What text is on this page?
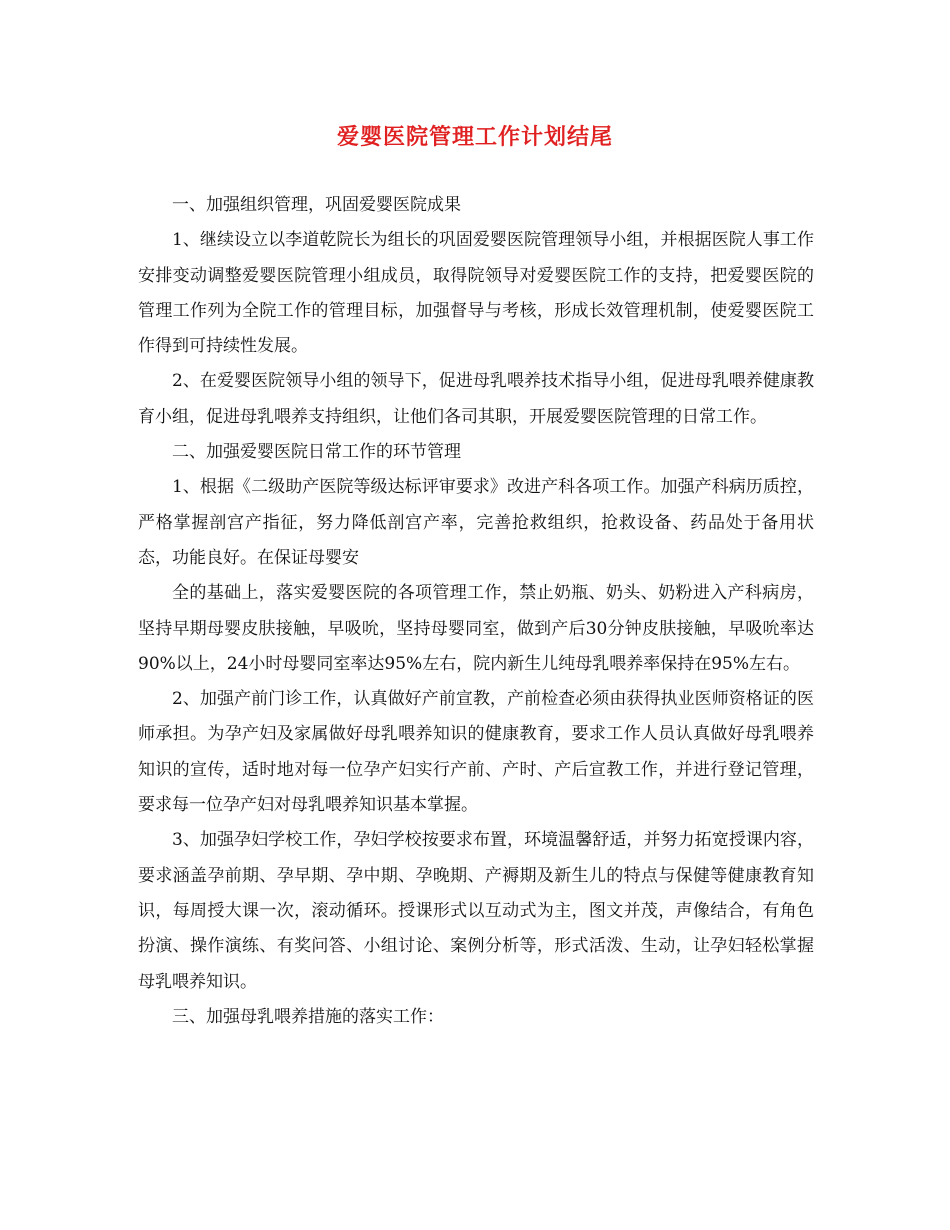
爱婴医院管理工作计划结尾

一、加强组织管理，巩固爱婴医院成果

1、继续设立以李道乾院长为组长的巩固爱婴医院管理领导小组，并根据医院人事工作安排变动调整爱婴医院管理小组成员，取得院领导对爱婴医院工作的支持，把爱婴医院的管理工作列为全院工作的管理目标，加强督导与考核，形成长效管理机制，使爱婴医院工作得到可持续性发展。

2、在爱婴医院领导小组的领导下，促进母乳喂养技术指导小组，促进母乳喂养健康教育小组，促进母乳喂养支持组织，让他们各司其职，开展爱婴医院管理的日常工作。

二、加强爱婴医院日常工作的环节管理

1、根据《二级助产医院等级达标评审要求》改进产科各项工作。加强产科病历质控，严格掌握剖宫产指征，努力降低剖宫产率，完善抢救组织，抢救设备、药品处于备用状态，功能良好。在保证母婴安

全的基础上，落实爱婴医院的各项管理工作，禁止奶瓶、奶头、奶粉进入产科病房，坚持早期母婴皮肤接触，早吸吮，坚持母婴同室，做到产后30分钟皮肤接触，早吸吮率达90%以上，24小时母婴同室率达95%左右，院内新生儿纯母乳喂养率保持在95%左右。

2、加强产前门诊工作，认真做好产前宣教，产前检查必须由获得执业医师资格证的医师承担。为孕产妇及家属做好母乳喂养知识的健康教育，要求工作人员认真做好母乳喂养知识的宣传，适时地对每一位孕产妇实行产前、产时、产后宣教工作，并进行登记管理，要求每一位孕产妇对母乳喂养知识基本掌握。

3、加强孕妇学校工作，孕妇学校按要求布置，环境温馨舒适，并努力拓宽授课内容，要求涵盖孕前期、孕早期、孕中期、孕晚期、产褥期及新生儿的特点与保健等健康教育知识，每周授大课一次，滚动循环。授课形式以互动式为主，图文并茂，声像结合，有角色扮演、操作演练、有奖问答、小组讨论、案例分析等，形式活泼、生动，让孕妇轻松掌握母乳喂养知识。

三、加强母乳喂养措施的落实工作：
